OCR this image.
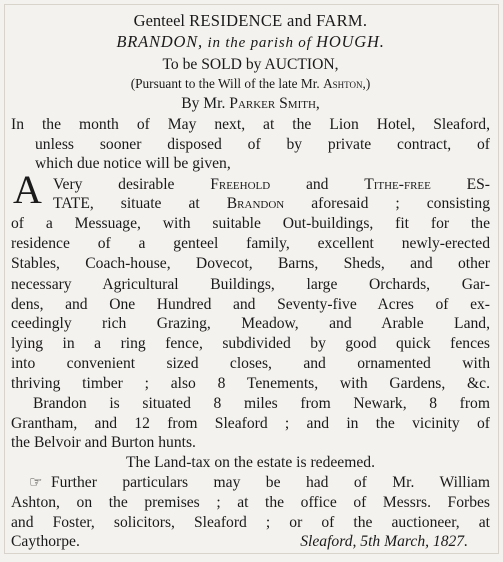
Genteel RESIDENCE and FARM.
BRANDON, in the parish of HOUGH.
To be SOLD by AUCTION,
(Pursuant to the Will of the late Mr. Ashton,)
By Mr. Parker Smith,
In the month of May next, at the Lion Hotel, Sleaford,
unless sooner disposed of by private contract, of
which due notice will be given,
A Very desirable Freehold and Tithe-free ES-
TATE, situate at Brandon aforesaid ; consisting
of a Messuage, with suitable Out-buildings, fit for the
residence of a genteel family, excellent newly-erected
Stables, Coach-house, Dovecot, Barns, Sheds, and other
necessary Agricultural Buildings, large Orchards, Gar-
dens, and One Hundred and Seventy-five Acres of ex-
ceedingly rich Grazing, Meadow, and Arable Land,
lying in a ring fence, subdivided by good quick fences
into convenient sized closes, and ornamented with
thriving timber ; also 8 Tenements, with Gardens, &c.
Brandon is situated 8 miles from Newark, 8 from
Grantham, and 12 from Sleaford ; and in the vicinity of
the Belvoir and Burton hunts.
The Land-tax on the estate is redeemed.
☞ Further particulars may be had of Mr. William
Ashton, on the premises ; at the office of Messrs. Forbes
and Foster, solicitors, Sleaford ; or of the auctioneer, at
Caythorpe.	Sleaford, 5th March, 1827.
